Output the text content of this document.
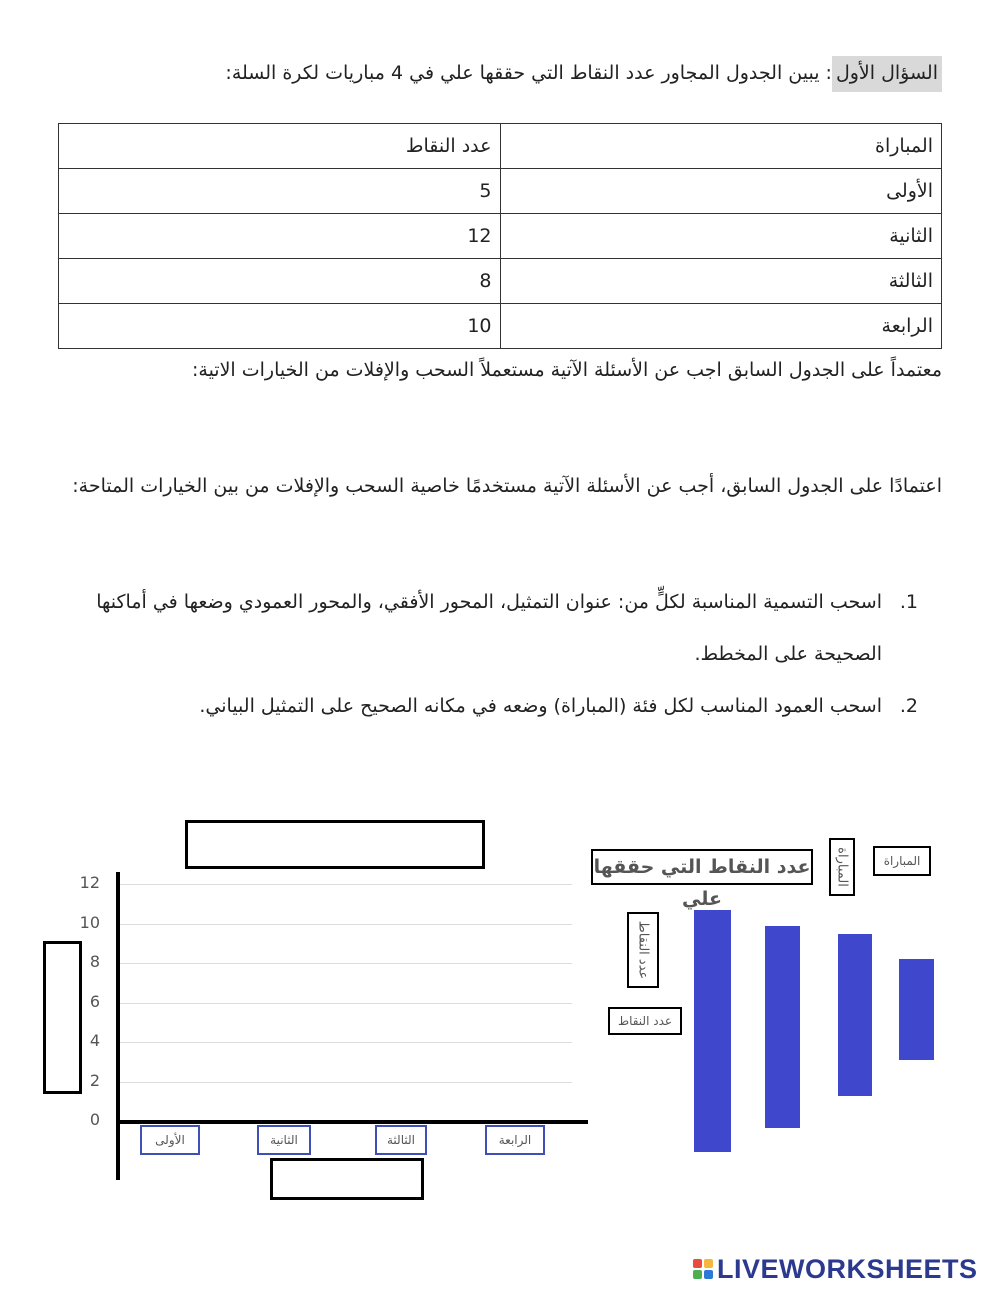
السؤال الأول: يبين الجدول المجاور عدد النقاط التي حققها علي في 4 مباريات لكرة السلة:
المباراة	عدد النقاط
الأولى	5
الثانية	12
الثالثة	8
الرابعة	10

معتمداً على الجدول السابق اجب عن الأسئلة الآتية مستعملاً السحب والإفلات من الخيارات الاتية:

اعتمادًا على الجدول السابق، أجب عن الأسئلة الآتية مستخدمًا خاصية السحب والإفلات من بين الخيارات المتاحة:

1.
اسحب التسمية المناسبة لكلٍّ من: عنوان التمثيل، المحور الأفقي، والمحور العمودي وضعها في أماكنها الصحيحة على المخطط.
2.
اسحب العمود المناسب لكل فئة (المباراة) وضعه في مكانه الصحيح على التمثيل البياني.
0
2
4
6
8
10
12
الأولى	الثانية	الثالثة	الرابعة
عدد النقاط التي حققها علي
المباراة	المباراة
عدد النقاط
عدد النقاط
LIVEWORKSHEETS
